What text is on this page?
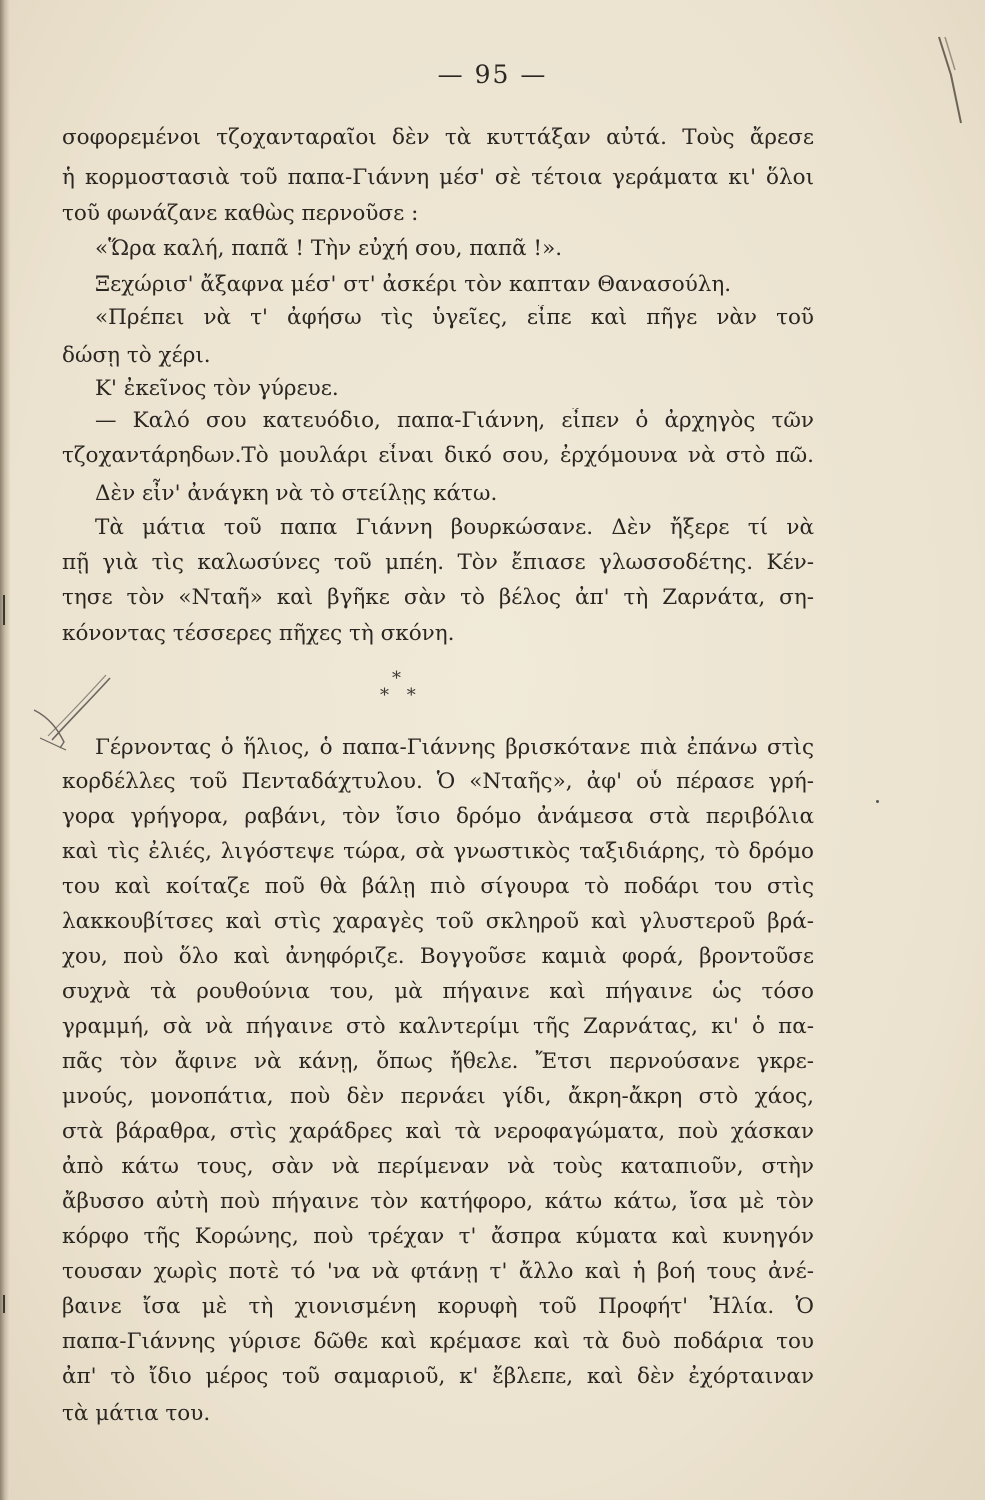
— 95 —
σοφορεμένοι τζοχανταραῖοι δὲν τὰ κυττάξαν αὐτά. Τοὺς ἄρεσε
ἡ κορμοστασιὰ τοῦ παπα-Γιάννη μέσ' σὲ τέτοια γεράματα κι' ὅλοι
τοῦ φωνάζανε καθὼς περνοῦσε :
«Ὥρα καλή, παπᾶ ! Τὴν εὐχή σου, παπᾶ !».
Ξεχώρισ' ἄξαφνα μέσ' στ' ἀσκέρι τὸν καπταν Θανασούλη.
«Πρέπει νὰ τ' ἀφήσω τὶς ὑγεῖες, εἶπε καὶ πῆγε νὰν τοῦ
δώσῃ τὸ χέρι.
Κ' ἐκεῖνος τὸν γύρευε.
— Καλό σου κατευόδιο, παπα-Γιάννη, εἶπεν ὁ ἀρχηγὸς τῶν
τζοχαντάρηδων.Τὸ μουλάρι εἶναι δικό σου, ἐρχόμουνα νὰ στὸ πῶ.
Δὲν εἶν' ἀνάγκη νὰ τὸ στείλῃς κάτω.
Τὰ μάτια τοῦ παπα Γιάννη βουρκώσανε. Δὲν ἤξερε τί νὰ
πῇ γιὰ τὶς καλωσύνες τοῦ μπέη. Τὸν ἔπιασε γλωσσοδέτης. Κέν-
τησε τὸν «Νταῆ» καὶ βγῆκε σὰν τὸ βέλος ἀπ' τὴ Ζαρνάτα, ση-
κόνοντας τέσσερες πῆχες τὴ σκόνη.
*
* *
Γέρνοντας ὁ ἥλιος, ὁ παπα-Γιάννης βρισκότανε πιὰ ἐπάνω στὶς
κορδέλλες τοῦ Πενταδάχτυλου. Ὁ «Νταῆς», ἀφ' οὗ πέρασε γρή-
γορα γρήγορα, ραβάνι, τὸν ἴσιο δρόμο ἀνάμεσα στὰ περιβόλια
καὶ τὶς ἐλιές, λιγόστεψε τώρα, σὰ γνωστικὸς ταξιδιάρης, τὸ δρόμο
του καὶ κοίταζε ποῦ θὰ βάλῃ πιὸ σίγουρα τὸ ποδάρι του στὶς
λακκουβίτσες καὶ στὶς χαραγὲς τοῦ σκληροῦ καὶ γλυστεροῦ βρά-
χου, ποὺ ὅλο καὶ ἀνηφόριζε. Βογγοῦσε καμιὰ φορά, βροντοῦσε
συχνὰ τὰ ρουθούνια του, μὰ πήγαινε καὶ πήγαινε ὡς τόσο
γραμμή, σὰ νὰ πήγαινε στὸ καλντερίμι τῆς Ζαρνάτας, κι' ὁ πα-
πᾶς τὸν ἄφινε νὰ κάνῃ, ὅπως ἤθελε. Ἔτσι περνούσανε γκρε-
μνούς, μονοπάτια, ποὺ δὲν περνάει γίδι, ἄκρη-ἄκρη στὸ χάος,
στὰ βάραθρα, στὶς χαράδρες καὶ τὰ νεροφαγώματα, ποὺ χάσκαν
ἀπὸ κάτω τους, σὰν νὰ περίμεναν νὰ τοὺς καταπιοῦν, στὴν
ἄβυσσο αὐτὴ ποὺ πήγαινε τὸν κατήφορο, κάτω κάτω, ἴσα μὲ τὸν
κόρφο τῆς Κορώνης, ποὺ τρέχαν τ' ἄσπρα κύματα καὶ κυνηγόν
τουσαν χωρὶς ποτὲ τό 'να νὰ φτάνῃ τ' ἄλλο καὶ ἡ βοή τους ἀνέ-
βαινε ἴσα μὲ τὴ χιονισμένη κορυφὴ τοῦ Προφήτ' Ἠλία. Ὁ
παπα-Γιάννης γύρισε δῶθε καὶ κρέμασε καὶ τὰ δυὸ ποδάρια του
ἀπ' τὸ ἴδιο μέρος τοῦ σαμαριοῦ, κ' ἔβλεπε, καὶ δὲν ἐχόρταιναν
τὰ μάτια του.
